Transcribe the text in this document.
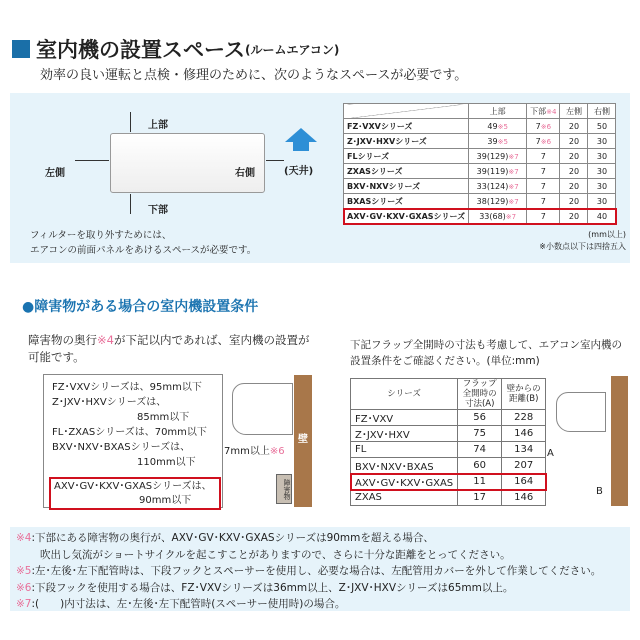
室内機の設置スペース (ルームエアコン)
効率の良い運転と点検・修理のために、次のようなスペースが必要です。
上部
下部
左側	右側	(天井)
フィルターを取り外すためには、
エアコンの前面パネルをあけるスペースが必要です。
	上部	下部※4	左側	右側
FZ･VXVシリーズ	49※5	7※6	20	50
Z･JXV･HXVシリーズ	39※5	7※6	20	30
FLシリーズ	39(129)※7	7	20	30
ZXASシリーズ	39(119)※7	7	20	30
BXV･NXVシリーズ	33(124)※7	7	20	30
BXASシリーズ	38(129)※7	7	20	30
AXV･GV･KXV･GXASシリーズ	33(68)※7	7	20	40
(mm以上)
※小数点以下は四捨五入
●障害物がある場合の室内機設置条件
障害物の奥行※4が下記以内であれば、室内機の設置が
可能です。
FZ･VXVシリーズは、95mm以下
Z･JXV･HXVシリーズは、
85mm以下
FL･ZXASシリーズは、70mm以下
BXV･NXV･BXASシリーズは、
110mm以下
AXV･GV･KXV･GXASシリーズは、
90mm以下
壁
7mm以上※6
障害物
下記フラップ全開時の寸法も考慮して、エアコン室内機の
設置条件をご確認ください。(単位:mm)
シリーズ	フラップ全開時の寸法(A)	壁からの距離(B)
FZ･VXV	56	228
Z･JXV･HXV	75	146
FL	74	134
BXV･NXV･BXAS	60	207
AXV･GV･KXV･GXAS	11	164
ZXAS	17	146
A
B
※4:下部にある障害物の奥行が、AXV･GV･KXV･GXASシリーズは90mmを超える場合、
吹出し気流がショートサイクルを起こすことがありますので、さらに十分な距離をとってください。
※5:左･左後･左下配管時は、下段フックとスペーサーを使用し、必要な場合は、左配管用カバーを外して作業してください。
※6:下段フックを使用する場合は、FZ･VXVシリーズは36mm以上、Z･JXV･HXVシリーズは65mm以上。
※7:(　　)内寸法は、左･左後･左下配管時(スペーサー使用時)の場合。
